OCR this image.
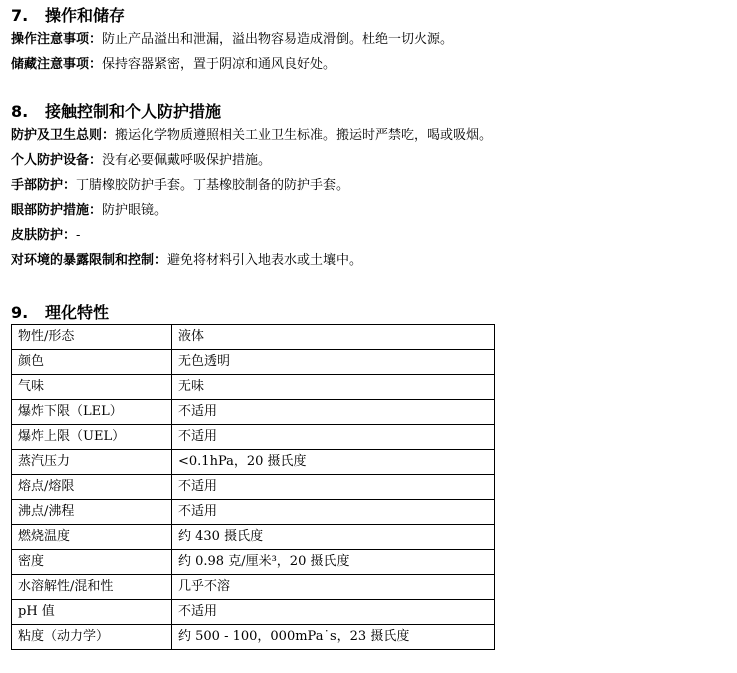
7.	操作和储存

操作注意事项：防止产品溢出和泄漏，溢出物容易造成滑倒。杜绝一切火源。

储藏注意事项：保持容器紧密，置于阴凉和通风良好处。

8.	接触控制和个人防护措施

防护及卫生总则：搬运化学物质遵照相关工业卫生标准。搬运时严禁吃，喝或吸烟。

个人防护设备：没有必要佩戴呼吸保护措施。

手部防护：丁腈橡胶防护手套。丁基橡胶制备的防护手套。

眼部防护措施：防护眼镜。

皮肤防护：-

对环境的暴露限制和控制：避免将材料引入地表水或土壤中。

9.	理化特性
物性/形态	液体
颜色	无色透明
气味	无味
爆炸下限（LEL）	不适用
爆炸上限（UEL）	不适用
蒸汽压力	<0.1hPa，20 摄氏度
熔点/熔限	不适用
沸点/沸程	不适用
燃烧温度	约 430 摄氏度
密度	约 0.98 克/厘米³，20 摄氏度
水溶解性/混和性	几乎不溶
pH 值	不适用
粘度（动力学）	约 500 - 100，000mPa˙s，23 摄氏度
